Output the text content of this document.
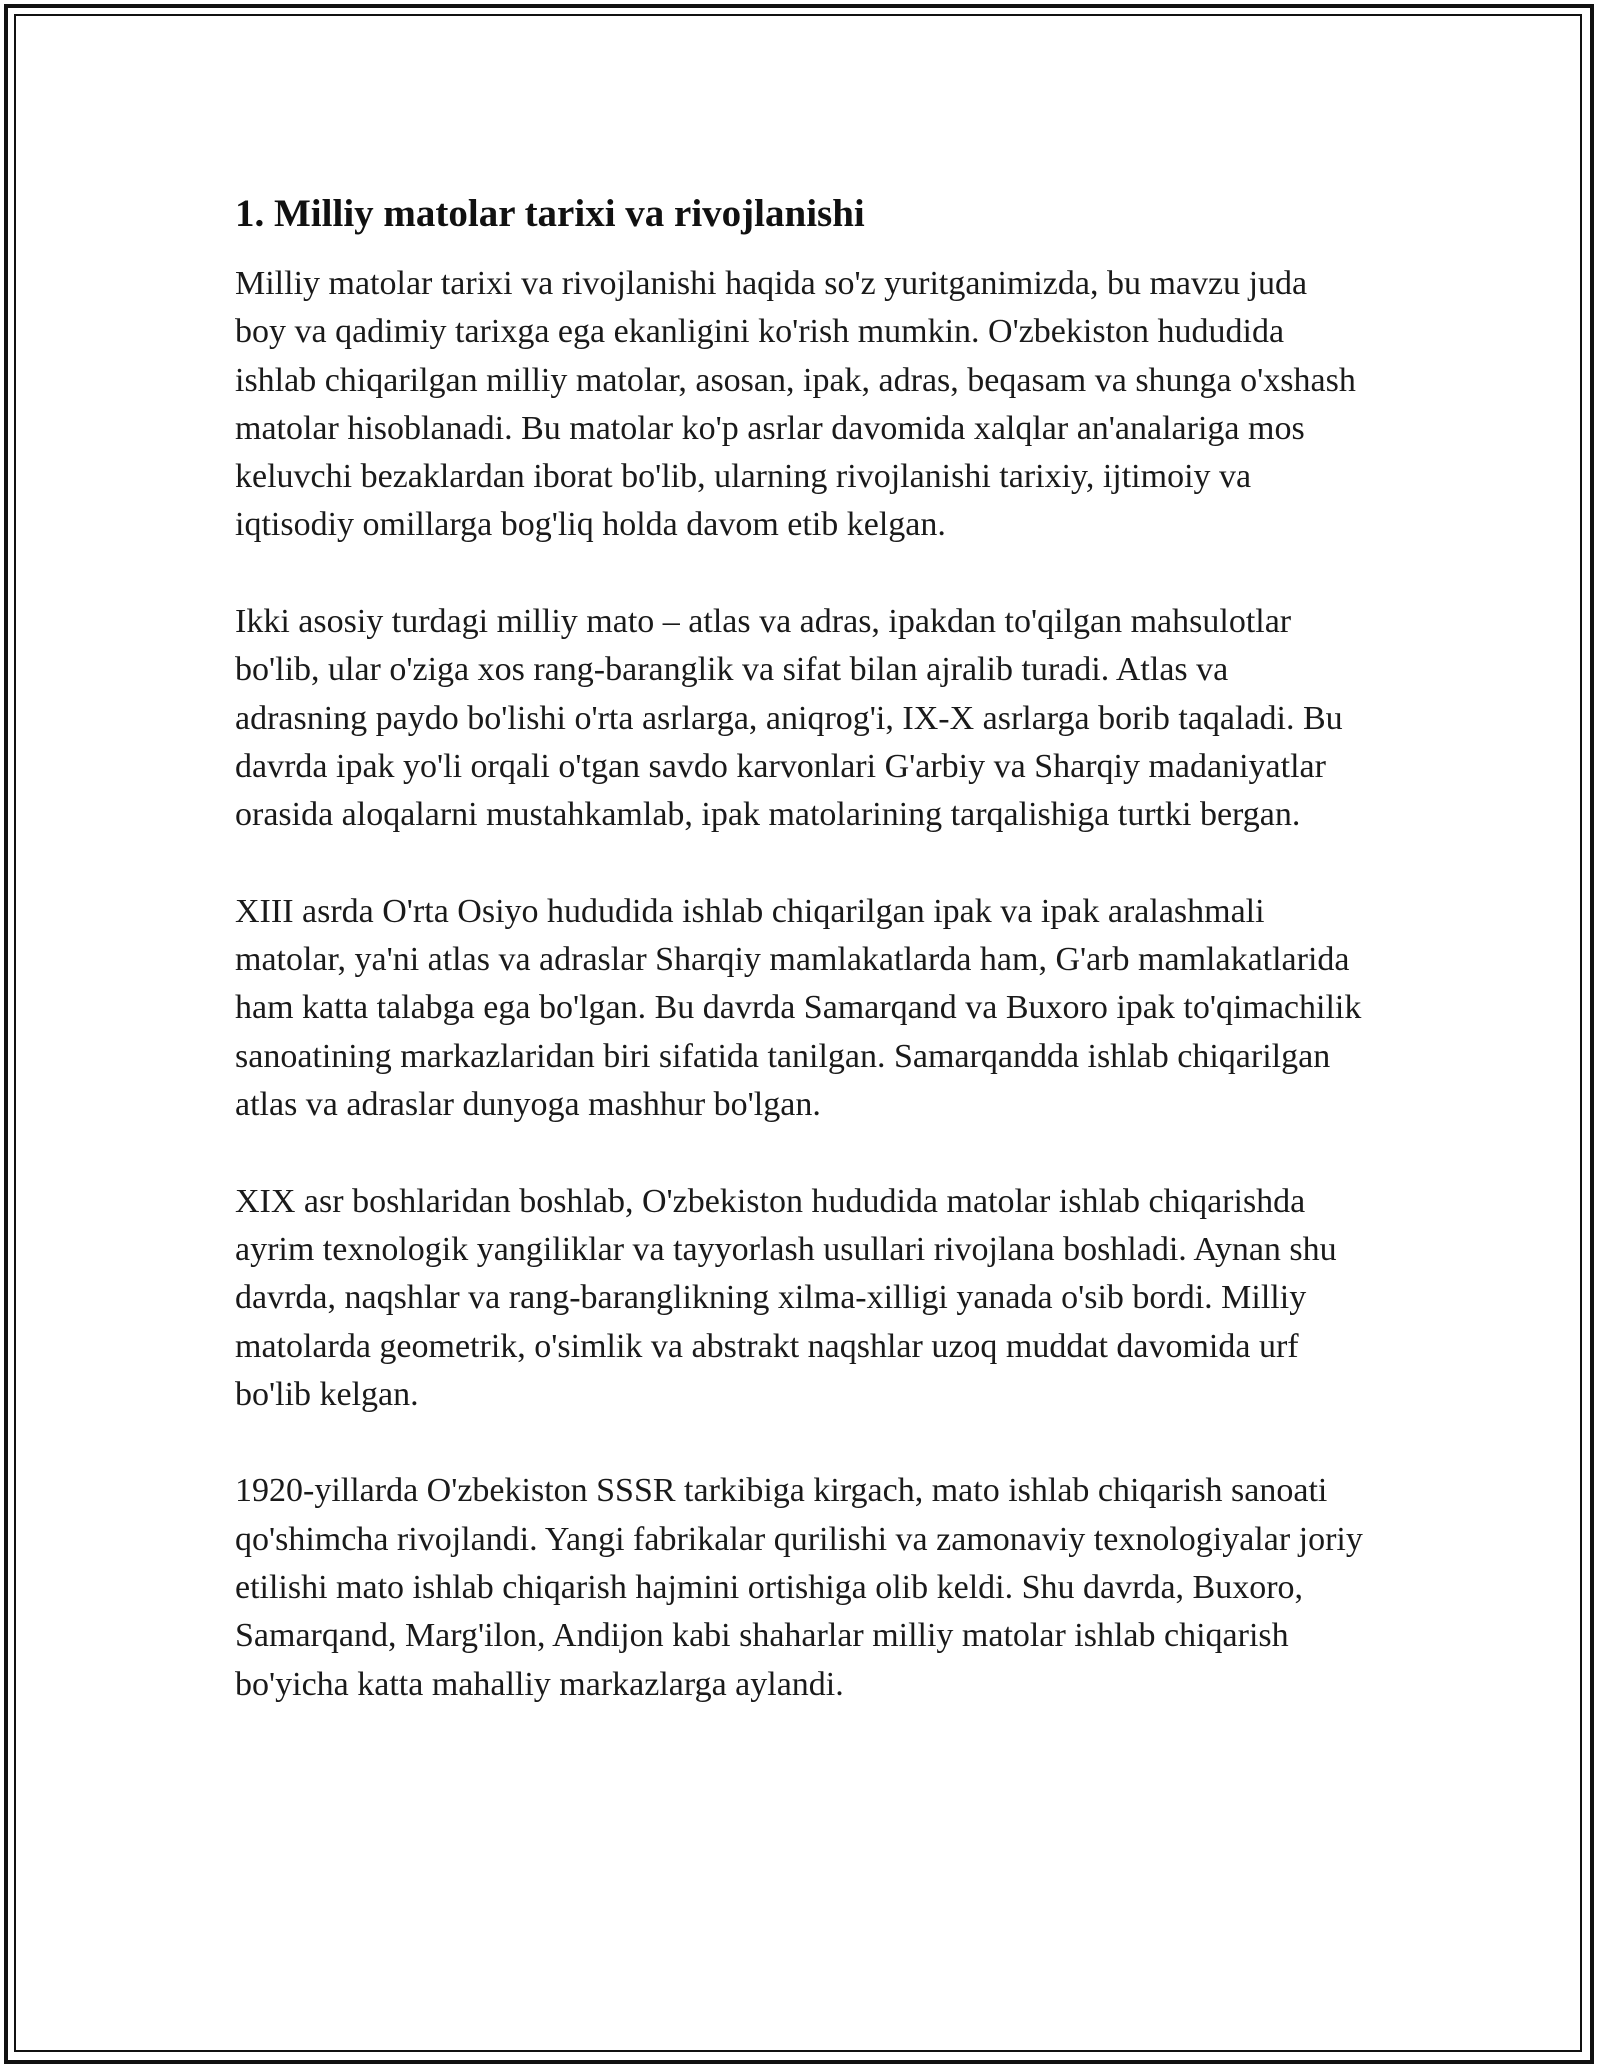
1. Milliy matolar tarixi va rivojlanishi

Milliy matolar tarixi va rivojlanishi haqida so'z yuritganimizda, bu mavzu juda boy va qadimiy tarixga ega ekanligini ko'rish mumkin. O'zbekiston hududida ishlab chiqarilgan milliy matolar, asosan, ipak, adras, beqasam va shunga o'xshash matolar hisoblanadi. Bu matolar ko'p asrlar davomida xalqlar an'analariga mos keluvchi bezaklardan iborat bo'lib, ularning rivojlanishi tarixiy, ijtimoiy va iqtisodiy omillarga bog'liq holda davom etib kelgan.

Ikki asosiy turdagi milliy mato – atlas va adras, ipakdan to'qilgan mahsulotlar bo'lib, ular o'ziga xos rang-baranglik va sifat bilan ajralib turadi. Atlas va adrasning paydo bo'lishi o'rta asrlarga, aniqrog'i, IX-X asrlarga borib taqaladi. Bu davrda ipak yo'li orqali o'tgan savdo karvonlari G'arbiy va Sharqiy madaniyatlar orasida aloqalarni mustahkamlab, ipak matolarining tarqalishiga turtki bergan.

XIII asrda O'rta Osiyo hududida ishlab chiqarilgan ipak va ipak aralashmali matolar, ya'ni atlas va adraslar Sharqiy mamlakatlarda ham, G'arb mamlakatlarida ham katta talabga ega bo'lgan. Bu davrda Samarqand va Buxoro ipak to'qimachilik sanoatining markazlaridan biri sifatida tanilgan. Samarqandda ishlab chiqarilgan atlas va adraslar dunyoga mashhur bo'lgan.

XIX asr boshlaridan boshlab, O'zbekiston hududida matolar ishlab chiqarishda ayrim texnologik yangiliklar va tayyorlash usullari rivojlana boshladi. Aynan shu davrda, naqshlar va rang-baranglikning xilma-xilligi yanada o'sib bordi. Milliy matolarda geometrik, o'simlik va abstrakt naqshlar uzoq muddat davomida urf bo'lib kelgan.

1920-yillarda O'zbekiston SSSR tarkibiga kirgach, mato ishlab chiqarish sanoati qo'shimcha rivojlandi. Yangi fabrikalar qurilishi va zamonaviy texnologiyalar joriy etilishi mato ishlab chiqarish hajmini ortishiga olib keldi. Shu davrda, Buxoro, Samarqand, Marg'ilon, Andijon kabi shaharlar milliy matolar ishlab chiqarish bo'yicha katta mahalliy markazlarga aylandi.
